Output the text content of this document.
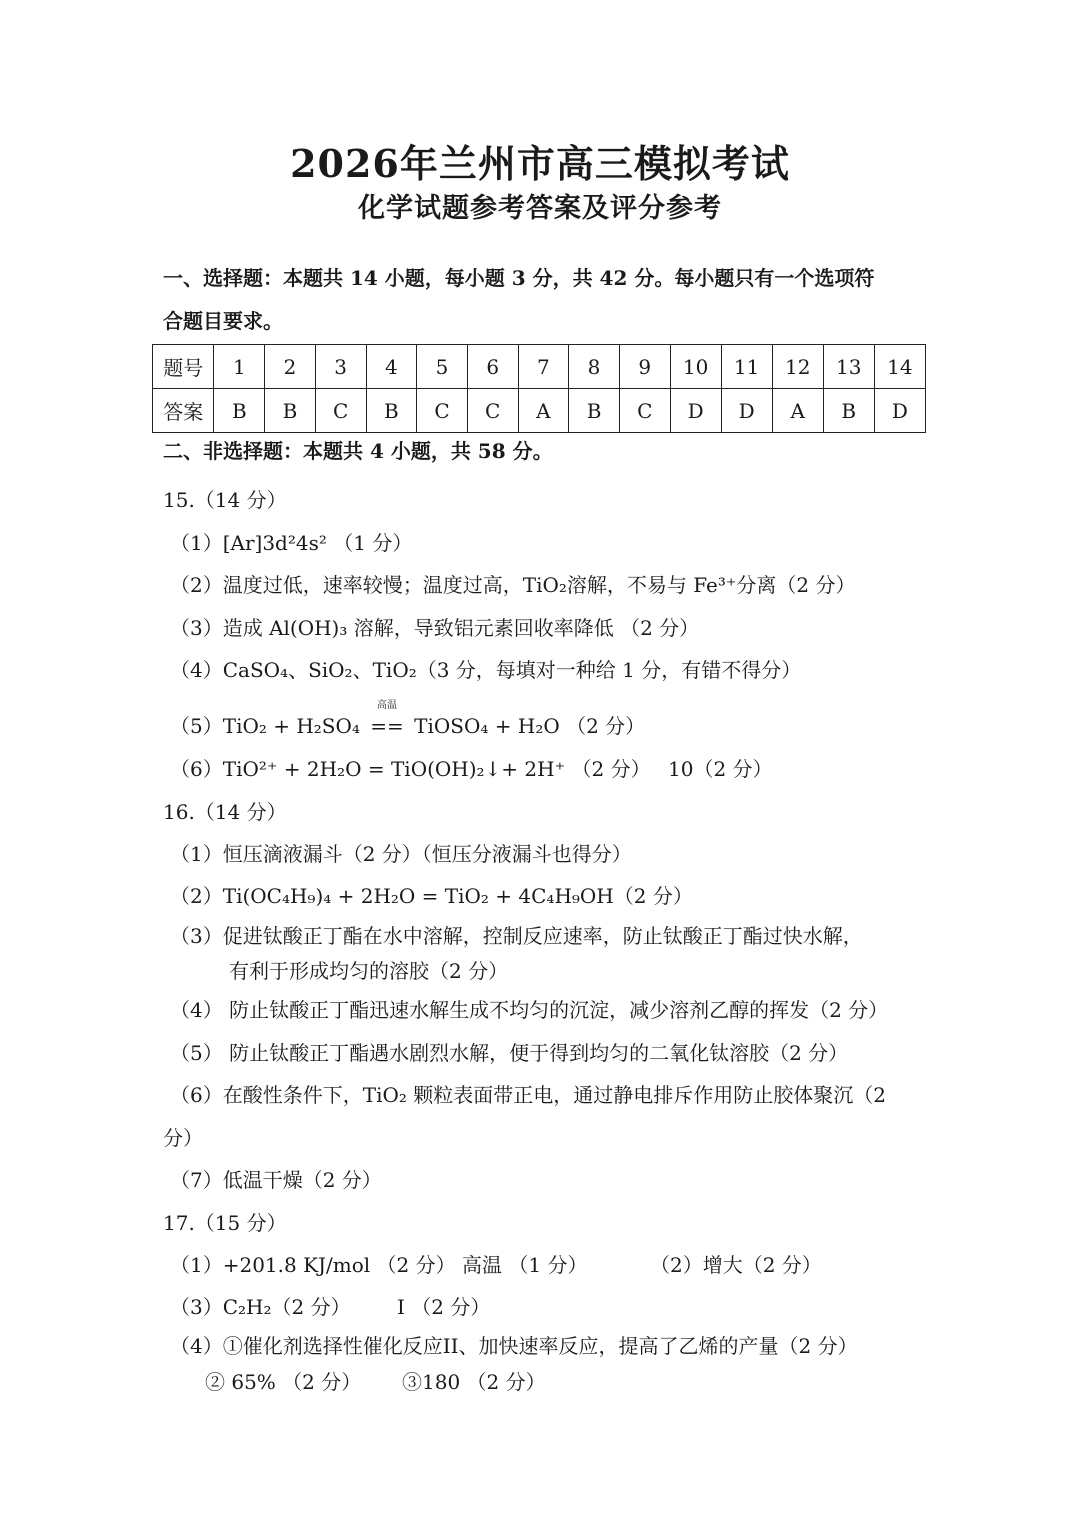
2026年兰州市高三模拟考试
化学试题参考答案及评分参考
一、选择题：本题共 14 小题，每小题 3 分，共 42 分。每小题只有一个选项符
合题目要求。
题号	1	2	3	4	5	6	7	8	9	10	11	12	13	14
答案	B	B	C	B	C	C	A	B	C	D	D	A	B	D
二、非选择题：本题共 4 小题，共 58 分。
15.（14 分）
（1）[Ar]3d²4s² （1 分）
（2）温度过低，速率较慢；温度过高，TiO₂溶解，不易与 Fe³⁺分离（2 分）
（3）造成 Al(OH)₃ 溶解，导致铝元素回收率降低 （2 分）
（4）CaSO₄、SiO₂、TiO₂（3 分，每填对一种给 1 分，有错不得分）
（5）TiO₂ + H₂SO₄
高温
== TiOSO₄ + H₂O （2 分）
（6）TiO²⁺ + 2H₂O = TiO(OH)₂↓+ 2H⁺ （2 分） 10（2 分）
16.（14 分）
（1）恒压滴液漏斗（2 分）（恒压分液漏斗也得分）
（2）Ti(OC₄H₉)₄ + 2H₂O = TiO₂ + 4C₄H₉OH（2 分）
（3）促进钛酸正丁酯在水中溶解，控制反应速率，防止钛酸正丁酯过快水解，
有利于形成均匀的溶胶（2 分）
（4） 防止钛酸正丁酯迅速水解生成不均匀的沉淀，减少溶剂乙醇的挥发（2 分）
（5） 防止钛酸正丁酯遇水剧烈水解，便于得到均匀的二氧化钛溶胶（2 分）
（6）在酸性条件下，TiO₂ 颗粒表面带正电，通过静电排斥作用防止胶体聚沉（2
分）
（7）低温干燥（2 分）
17.（15 分）
（1）+201.8 KJ/mol （2 分） 高温 （1 分）	（2）增大（2 分）
（3）C₂H₂（2 分） I （2 分）
（4）①催化剂选择性催化反应II、加快速率反应，提高了乙烯的产量（2 分）
② 65% （2 分） ③180 （2 分）
